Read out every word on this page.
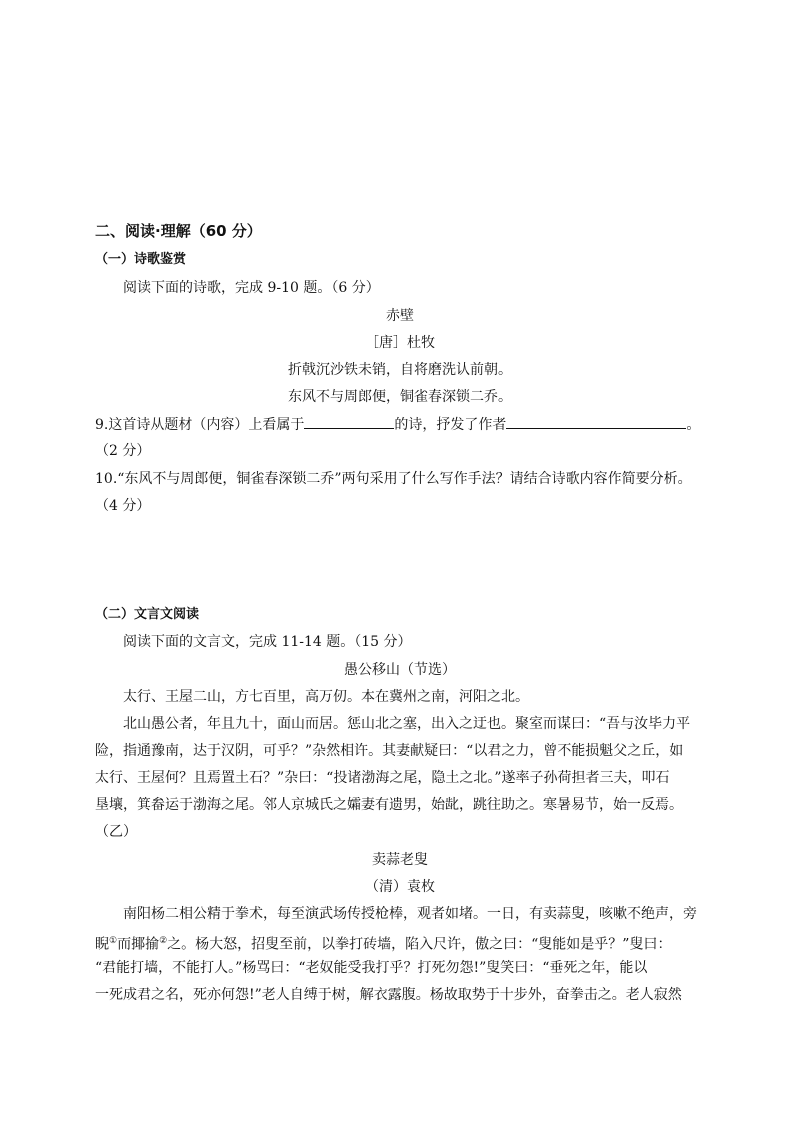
二、阅读·理解（60 分）
（一）诗歌鉴赏
阅读下面的诗歌，完成 9-10 题。（6 分）
赤壁
［唐］杜牧
折戟沉沙铁未销，自将磨洗认前朝。
东风不与周郎便，铜雀春深锁二乔。
9.这首诗从题材（内容）上看属于	的诗，抒发了作者	。
（2 分）
10.“东风不与周郎便，铜雀春深锁二乔”两句采用了什么写作手法？请结合诗歌内容作简要分析。
（4 分）
（二）文言文阅读
阅读下面的文言文，完成 11-14 题。（15 分）
愚公移山（节选）
太行、王屋二山，方七百里，高万仞。本在冀州之南，河阳之北。
北山愚公者，年且九十，面山而居。惩山北之塞，出入之迂也。聚室而谋曰：“吾与汝毕力平
险，指通豫南，达于汉阴，可乎？”杂然相许。其妻献疑曰：“以君之力，曾不能损魁父之丘，如
太行、王屋何？且焉置土石？”杂曰：“投诸渤海之尾，隐土之北。”遂率子孙荷担者三夫，叩石
垦壤，箕畚运于渤海之尾。邻人京城氏之孀妻有遗男，始龀，跳往助之。寒暑易节，始一反焉。
（乙）
卖蒜老叟
（清）袁枚
南阳杨二相公精于拳术，每至演武场传授枪棒，观者如堵。一日，有卖蒜叟，咳嗽不绝声，旁
睨①而揶揄②之。杨大怒，招叟至前，以拳打砖墙，陷入尺许，傲之曰：“叟能如是乎？”叟曰：
“君能打墙，不能打人。”杨骂曰：“老奴能受我打乎？打死勿怨!”叟笑曰：“垂死之年，能以
一死成君之名，死亦何怨!”老人自缚于树，解衣露腹。杨故取势于十步外，奋拳击之。老人寂然
